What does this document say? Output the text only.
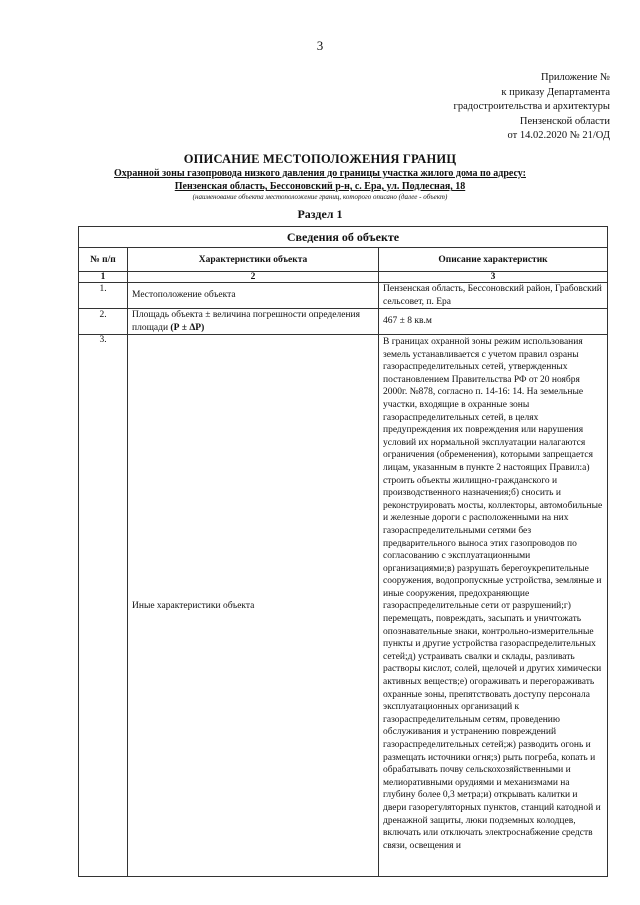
3
Приложение №
к приказу Департамента
градостроительства и архитектуры
Пензенской области
от 14.02.2020 № 21/ОД
ОПИСАНИЕ МЕСТОПОЛОЖЕНИЯ ГРАНИЦ
Охранной зоны газопровода низкого давления до границы участка жилого дома по адресу:
Пензенская область, Бессоновский р-н, с. Ера, ул. Подлесная, 18
(наименование объекта местоположение границ, которого описано (далее - объект)
Раздел 1
Сведения об объекте		
№ п/п	Характеристики объекта	Описание характеристик
1	2	3
1.	Местоположение объекта	Пензенская область, Бессоновский район, Грабовский сельсовет, п. Ера
2.	Площадь объекта ± величина погрешности определения площади (Р ± ΔР)	467 ± 8 кв.м
3.	Иные характеристики объекта	В границах охранной зоны режим использования земель устанавливается с учетом правил озраны газораспределительных сетей, утвержденных постановлением Правительства РФ от 20 ноября 2000г. №878, согласно п. 14-16: 14. На земельные участки, входящие в охранные зоны газораспределительных сетей, в целях предупреждения их повреждения или нарушения условий их нормальной эксплуатации налагаются ограничения (обременения), которыми запрещается лицам, указанным в пункте 2 настоящих Правил:а) строить объекты жилищно-гражданского и производственного назначения;б) сносить и реконструировать мосты, коллекторы, автомобильные и железные дороги с расположенными на них газораспределительными сетями без предварительного выноса этих газопроводов по согласованию с эксплуатационными организациями;в) разрушать берегоукрепительные сооружения, водопропускные устройства, земляные и иные сооружения, предохраняющие газораспределительные сети от разрушений;г) перемещать, повреждать, засыпать и уничтожать опознавательные знаки, контрольно-измерительные пункты и другие устройства газораспределительных сетей;д) устраивать свалки и склады, разливать растворы кислот, солей, щелочей и других химически активных веществ;е) огораживать и перегораживать охранные зоны, препятствовать доступу персонала эксплуатационных организаций к газораспределительным сетям, проведению обслуживания и устранению повреждений газораспределительных сетей;ж) разводить огонь и размещать источники огня;з) рыть погреба, копать и обрабатывать почву сельскохозяйственными и мелиоративными орудиями и механизмами на глубину более 0,3 метра;и) открывать калитки и двери газорегуляторных пунктов, станций катодной и дренажной защиты, люки подземных колодцев, включать или отключать электроснабжение средств связи, освещения и
